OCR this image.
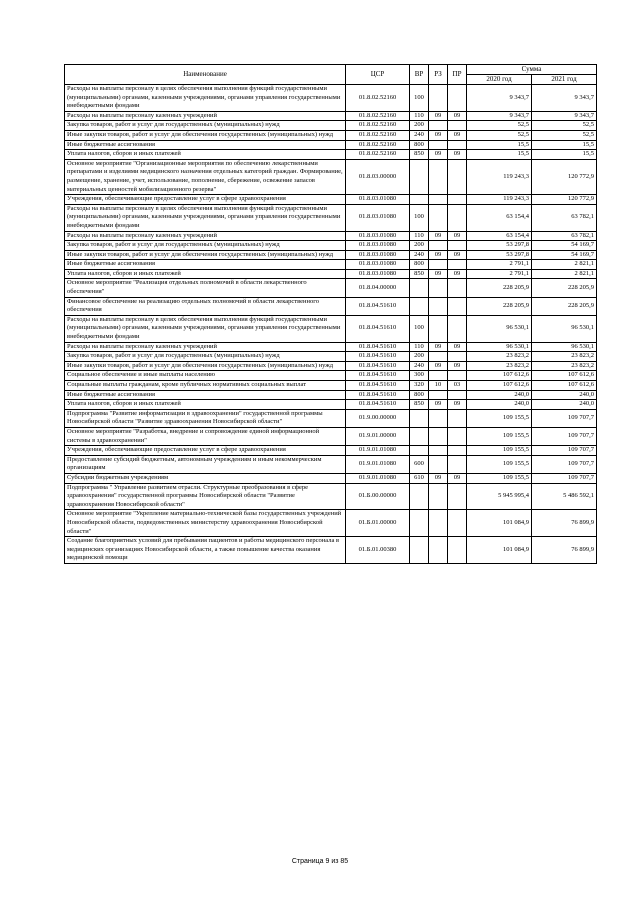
Наименование	ЦСР	ВР	РЗ	ПР	Сумма	
					2020 год	2021 год
Расходы на выплаты персоналу в целях обеспечения выполнения функций государственными (муниципальными) органами, казенными учреждениями, органами управления государственными внебюджетными фондами	01.8.02.52160	100			9 343,7	9 343,7
Расходы на выплаты персоналу казенных учреждений	01.8.02.52160	110	09	09	9 343,7	9 343,7
Закупка товаров, работ и услуг для государственных (муниципальных) нужд	01.8.02.52160	200			52,5	52,5
Иные закупки товаров, работ и услуг для обеспечения государственных (муниципальных) нужд	01.8.02.52160	240	09	09	52,5	52,5
Иные бюджетные ассигнования	01.8.02.52160	800			15,5	15,5
Уплата налогов, сборов и иных платежей	01.8.02.52160	850	09	09	15,5	15,5
Основное мероприятие "Организационные мероприятия по обеспечению лекарственными препаратами и изделиями медицинского назначения отдельных категорий граждан. Формирование, размещение, хранение, учет, использование, пополнение, сбережение, освежение запасов материальных ценностей мобилизационного резерва"	01.8.03.00000				119 243,3	120 772,9
Учреждения, обеспечивающие предоставление услуг в сфере здравоохранения	01.8.03.01080				119 243,3	120 772,9
Расходы на выплаты персоналу в целях обеспечения выполнения функций государственными (муниципальными) органами, казенными учреждениями, органами управления государственными внебюджетными фондами	01.8.03.01080	100			63 154,4	63 782,1
Расходы на выплаты персоналу казенных учреждений	01.8.03.01080	110	09	09	63 154,4	63 782,1
Закупка товаров, работ и услуг для государственных (муниципальных) нужд	01.8.03.01080	200			53 297,8	54 169,7
Иные закупки товаров, работ и услуг для обеспечения государственных (муниципальных) нужд	01.8.03.01080	240	09	09	53 297,8	54 169,7
Иные бюджетные ассигнования	01.8.03.01080	800			2 791,1	2 821,1
Уплата налогов, сборов и иных платежей	01.8.03.01080	850	09	09	2 791,1	2 821,1
Основное мероприятие "Реализация отдельных полномочий в области лекарственного обеспечения"	01.8.04.00000				228 205,9	228 205,9
Финансовое обеспечение на реализацию отдельных полномочий в области лекарственного обеспечения	01.8.04.51610				228 205,9	228 205,9
Расходы на выплаты персоналу в целях обеспечения выполнения функций государственными (муниципальными) органами, казенными учреждениями, органами управления государственными внебюджетными фондами	01.8.04.51610	100			96 530,1	96 530,1
Расходы на выплаты персоналу казенных учреждений	01.8.04.51610	110	09	09	96 530,1	96 530,1
Закупка товаров, работ и услуг для государственных (муниципальных) нужд	01.8.04.51610	200			23 823,2	23 823,2
Иные закупки товаров, работ и услуг для обеспечения государственных (муниципальных) нужд	01.8.04.51610	240	09	09	23 823,2	23 823,2
Социальное обеспечение и иные выплаты населению	01.8.04.51610	300			107 612,6	107 612,6
Социальные выплаты гражданам, кроме публичных нормативных социальных выплат	01.8.04.51610	320	10	03	107 612,6	107 612,6
Иные бюджетные ассигнования	01.8.04.51610	800			240,0	240,0
Уплата налогов, сборов и иных платежей	01.8.04.51610	850	09	09	240,0	240,0
Подпрограмма "Развитие информатизации в здравоохранении" государственной программы Новосибирской области "Развитие здравоохранения Новосибирской области"	01.9.00.00000				109 155,5	109 707,7
Основное мероприятие "Разработка, внедрение и сопровождение единой информационной системы в здравоохранении"	01.9.01.00000				109 155,5	109 707,7
Учреждения, обеспечивающие предоставление услуг в сфере здравоохранения	01.9.01.01080				109 155,5	109 707,7
Предоставление субсидий бюджетным, автономным учреждениям и иным некоммерческим организациям	01.9.01.01080	600			109 155,5	109 707,7
Субсидии бюджетным учреждениям	01.9.01.01080	610	09	09	109 155,5	109 707,7
Подпрограмма " Управление развитием отрасли. Структурные преобразования в сфере здравоохранения" государственной программы Новосибирской области "Развитие здравоохранения Новосибирской области"	01.Б.00.00000				5 945 995,4	5 486 592,1
Основное мероприятие "Укрепление материально-технической базы государственных учреждений Новосибирской области, подведомственных министерству здравоохранения Новосибирской области"	01.Б.01.00000				101 084,9	76 899,9
Создание благоприятных условий для пребывания пациентов и работы медицинского персонала в медицинских организациях Новосибирской области, а также повышение качества оказания медицинской помощи	01.Б.01.00380				101 084,9	76 899,9
Страница 9 из 85
